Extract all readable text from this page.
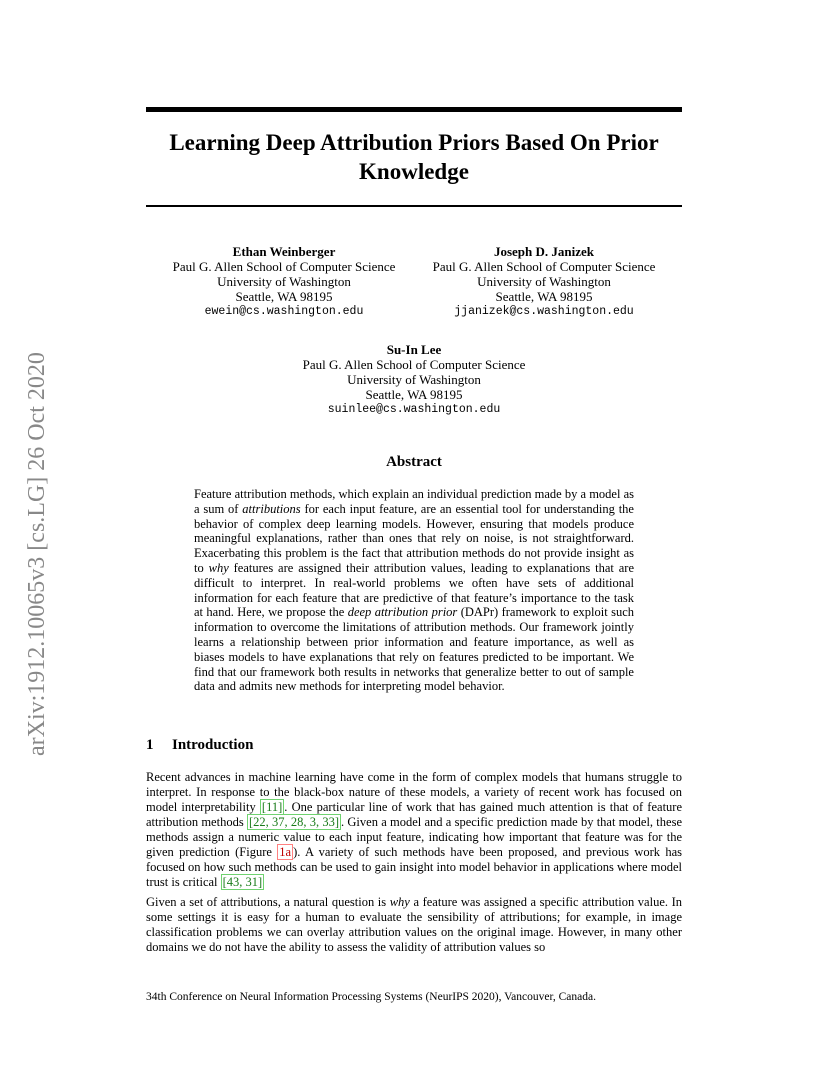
arXiv:1912.10065v3 [cs.LG] 26 Oct 2020
Learning Deep Attribution Priors Based On Prior
Knowledge
Ethan Weinberger
Paul G. Allen School of Computer Science
University of Washington
Seattle, WA 98195
ewein@cs.washington.edu
Joseph D. Janizek
Paul G. Allen School of Computer Science
University of Washington
Seattle, WA 98195
jjanizek@cs.washington.edu
Su-In Lee
Paul G. Allen School of Computer Science
University of Washington
Seattle, WA 98195
suinlee@cs.washington.edu
Abstract
Feature attribution methods, which explain an individual prediction made by a model as a sum of attributions for each input feature, are an essential tool for understanding the behavior of complex deep learning models. However, ensuring that models produce meaningful explanations, rather than ones that rely on noise, is not straightforward. Exacerbating this problem is the fact that attribution methods do not provide insight as to why features are assigned their attribution values, leading to explanations that are difficult to interpret. In real-world problems we often have sets of additional information for each feature that are predictive of that feature’s importance to the task at hand. Here, we propose the deep attribution prior (DAPr) framework to exploit such information to overcome the limitations of attribution methods. Our framework jointly learns a relationship between prior information and feature importance, as well as biases models to have explanations that rely on features predicted to be important. We find that our framework both results in networks that generalize better to out of sample data and admits new methods for interpreting model behavior.
1 Introduction
Recent advances in machine learning have come in the form of complex models that humans struggle to interpret. In response to the black-box nature of these models, a variety of recent work has focused on model interpretability [11] . One particular line of work that has gained much attention is that of feature attribution methods [22, 37, 28, 3, 33] . Given a model and a specific prediction made by that model, these methods assign a numeric value to each input feature, indicating how important that feature was for the given prediction (Figure 1a ). A variety of such methods have been proposed, and previous work has focused on how such methods can be used to gain insight into model behavior in applications where model trust is critical [43, 31]
Given a set of attributions, a natural question is why a feature was assigned a specific attribution value. In some settings it is easy for a human to evaluate the sensibility of attributions; for example, in image classification problems we can overlay attribution values on the original image. However, in many other domains we do not have the ability to assess the validity of attribution values so
34th Conference on Neural Information Processing Systems (NeurIPS 2020), Vancouver, Canada.
